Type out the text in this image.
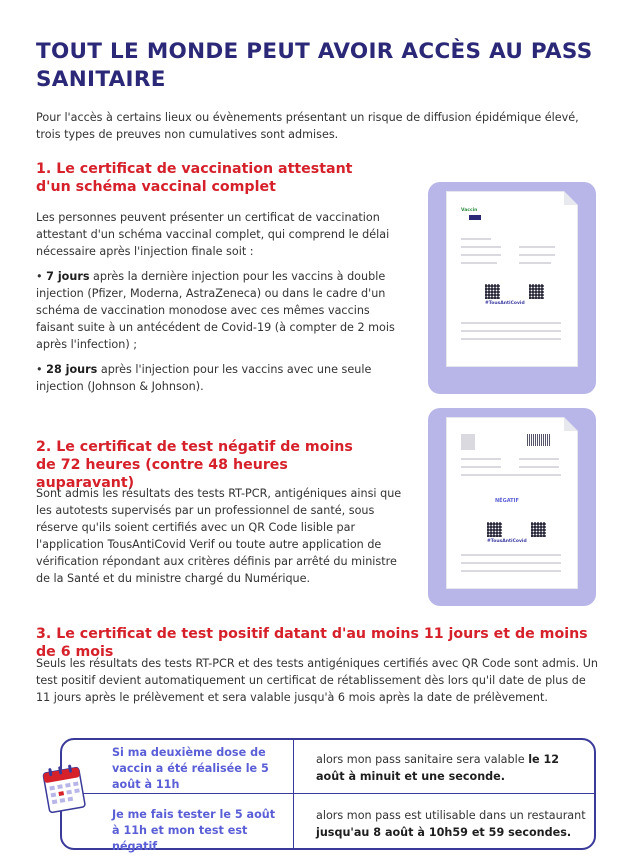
TOUT LE MONDE PEUT AVOIR ACCÈS AU PASS SANITAIRE
Pour l'accès à certains lieux ou évènements présentant un risque de diffusion épidémique élevé, trois types de preuves non cumulatives sont admises.
1. Le certificat de vaccination attestant d'un schéma vaccinal complet
Les personnes peuvent présenter un certificat de vaccination attestant d'un schéma vaccinal complet, qui comprend le délai nécessaire après l'injection finale soit :
• 7 jours après la dernière injection pour les vaccins à double injection (Pfizer, Moderna, AstraZeneca) ou dans le cadre d'un schéma de vaccination monodose avec ces mêmes vaccins faisant suite à un antécédent de Covid-19 (à compter de 2 mois après l'infection) ;
• 28 jours après l'injection pour les vaccins avec une seule injection (Johnson & Johnson).
Vaccin
#TousAntiCovid
2. Le certificat de test négatif de moins de 72 heures (contre 48 heures auparavant)
Sont admis les résultats des tests RT-PCR, antigéniques ainsi que les autotests supervisés par un professionnel de santé, sous réserve qu'ils soient certifiés avec un QR Code lisible par l'application TousAntiCovid Verif ou toute autre application de vérification répondant aux critères définis par arrêté du ministre de la Santé et du ministre chargé du Numérique.
NÉGATIF
#TousAntiCovid
3. Le certificat de test positif datant d'au moins 11 jours et de moins de 6 mois
Seuls les résultats des tests RT-PCR et des tests antigéniques certifiés avec QR Code sont admis. Un test positif devient automatiquement un certificat de rétablissement dès lors qu'il date de plus de 11 jours après le prélèvement et sera valable jusqu'à 6 mois après la date de prélèvement.
Si ma deuxième dose de vaccin a été réalisée le 5 août à 11h
alors mon pass sanitaire sera valable le 12 août à minuit et une seconde.
Je me fais tester le 5 août à 11h et mon test est négatif
alors mon pass est utilisable dans un restaurant jusqu'au 8 août à 10h59 et 59 secondes.
